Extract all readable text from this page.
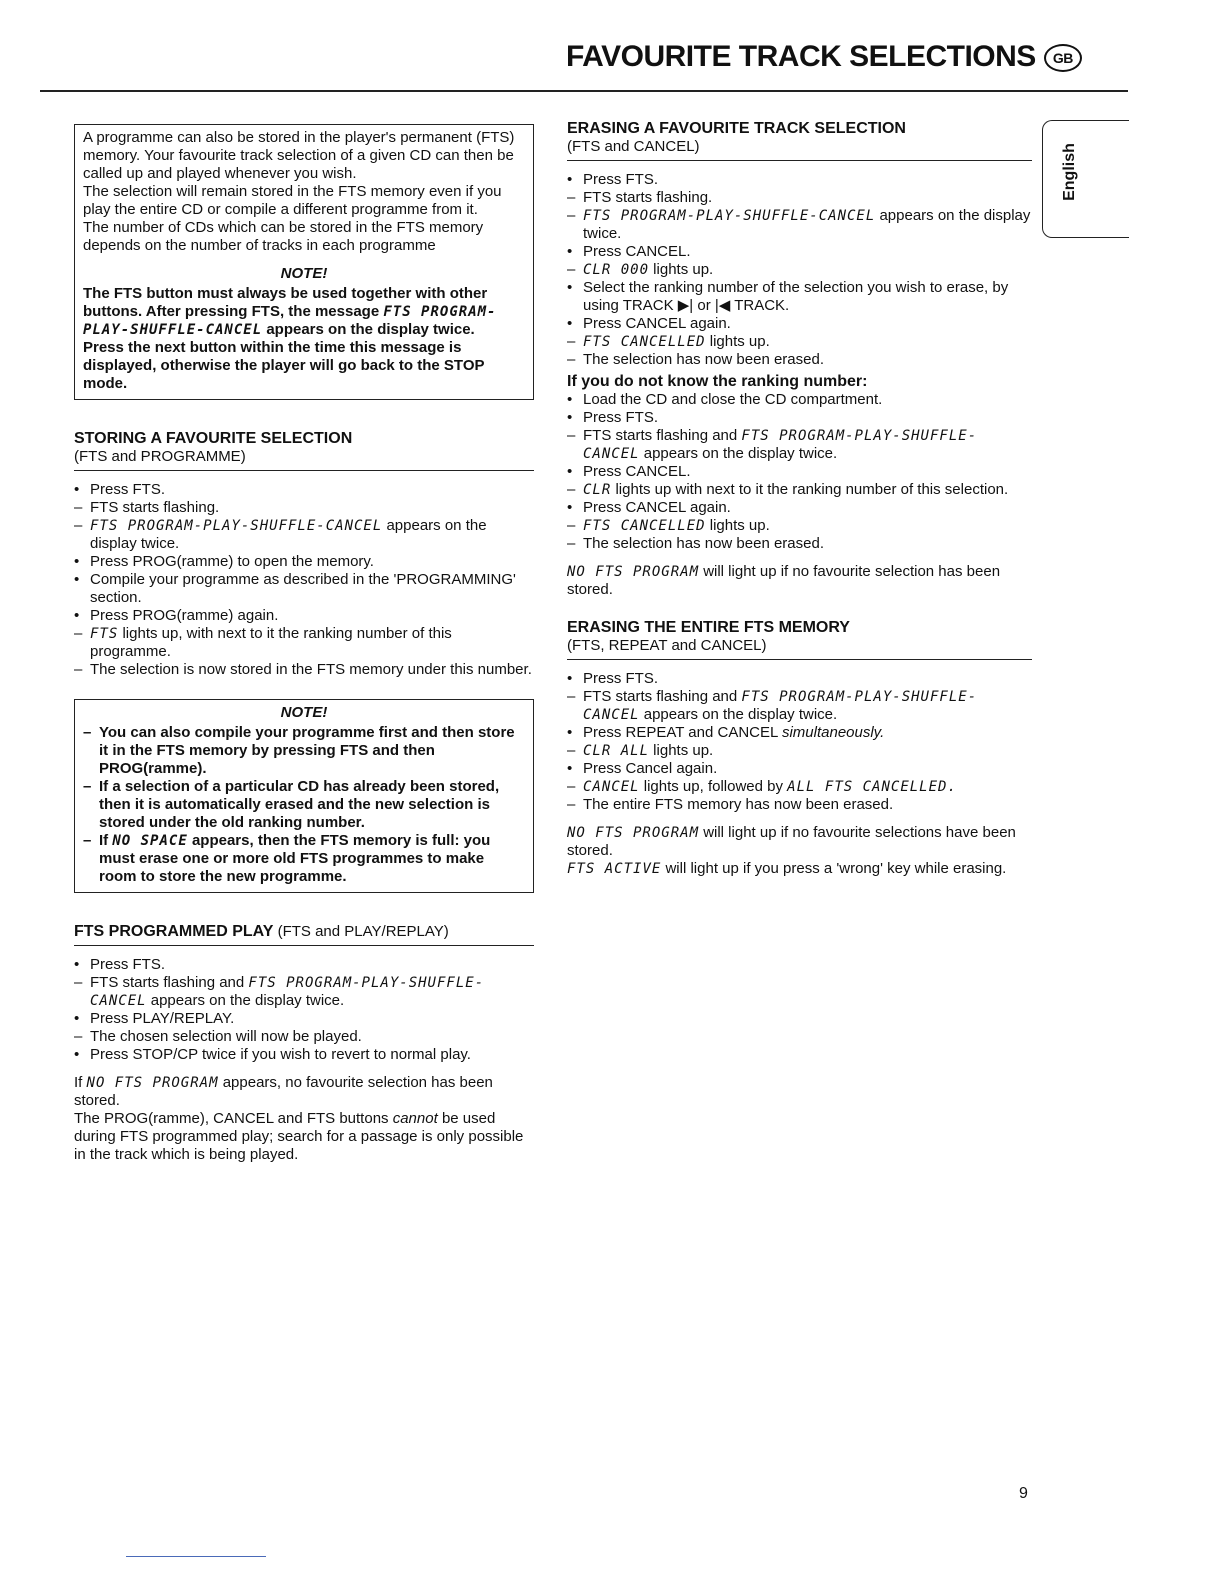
FAVOURITE TRACK SELECTIONS GB
English

A programme can also be stored in the player's permanent (FTS) memory. Your favourite track selection of a given CD can then be called up and played whenever you wish.

The selection will remain stored in the FTS memory even if you play the entire CD or compile a different programme from it.

The number of CDs which can be stored in the FTS memory depends on the number of tracks in each programme

NOTE!

The FTS button must always be used together with other buttons. After pressing FTS, the message FTS PROGRAM-PLAY-SHUFFLE-CANCEL appears on the display twice.

Press the next button within the time this message is displayed, otherwise the player will go back to the STOP mode.

STORING A FAVOURITE SELECTION
(FTS and PROGRAMME)
• Press FTS.
– FTS starts flashing.
– FTS PROGRAM-PLAY-SHUFFLE-CANCEL appears on the display twice.
• Press PROG(ramme) to open the memory.
• Compile your programme as described in the 'PROGRAMMING' section.
• Press PROG(ramme) again.
– FTS lights up, with next to it the ranking number of this programme.
– The selection is now stored in the FTS memory under this number.
NOTE!
– You can also compile your programme first and then store it in the FTS memory by pressing FTS and then PROG(ramme).
– If a selection of a particular CD has already been stored, then it is automatically erased and the new selection is stored under the old ranking number.
– If NO SPACE appears, then the FTS memory is full: you must erase one or more old FTS programmes to make room to store the new programme.
FTS PROGRAMMED PLAY (FTS and PLAY/REPLAY)
• Press FTS.
– FTS starts flashing and FTS PROGRAM-PLAY-SHUFFLE-CANCEL appears on the display twice.
• Press PLAY/REPLAY.
– The chosen selection will now be played.
• Press STOP/CP twice if you wish to revert to normal play.

If NO FTS PROGRAM appears, no favourite selection has been stored.

The PROG(ramme), CANCEL and FTS buttons cannot be used during FTS programmed play; search for a passage is only possible in the track which is being played.

ERASING A FAVOURITE TRACK SELECTION
(FTS and CANCEL)
• Press FTS.
– FTS starts flashing.
– FTS PROGRAM-PLAY-SHUFFLE-CANCEL appears on the display twice.
• Press CANCEL.
– CLR 000 lights up.
• Select the ranking number of the selection you wish to erase, by using TRACK ▶| or |◀ TRACK.
• Press CANCEL again.
– FTS CANCELLED lights up.
– The selection has now been erased.
If you do not know the ranking number:
• Load the CD and close the CD compartment.
• Press FTS.
– FTS starts flashing and FTS PROGRAM-PLAY-SHUFFLE-CANCEL appears on the display twice.
• Press CANCEL.
– CLR lights up with next to it the ranking number of this selection.
• Press CANCEL again.
– FTS CANCELLED lights up.
– The selection has now been erased.

NO FTS PROGRAM will light up if no favourite selection has been stored.

ERASING THE ENTIRE FTS MEMORY
(FTS, REPEAT and CANCEL)
• Press FTS.
– FTS starts flashing and FTS PROGRAM-PLAY-SHUFFLE-CANCEL appears on the display twice.
• Press REPEAT and CANCEL simultaneously.
– CLR ALL lights up.
• Press Cancel again.
– CANCEL lights up, followed by ALL FTS CANCELLED.
– The entire FTS memory has now been erased.

NO FTS PROGRAM will light up if no favourite selections have been stored.

FTS ACTIVE will light up if you press a 'wrong' key while erasing.

9
